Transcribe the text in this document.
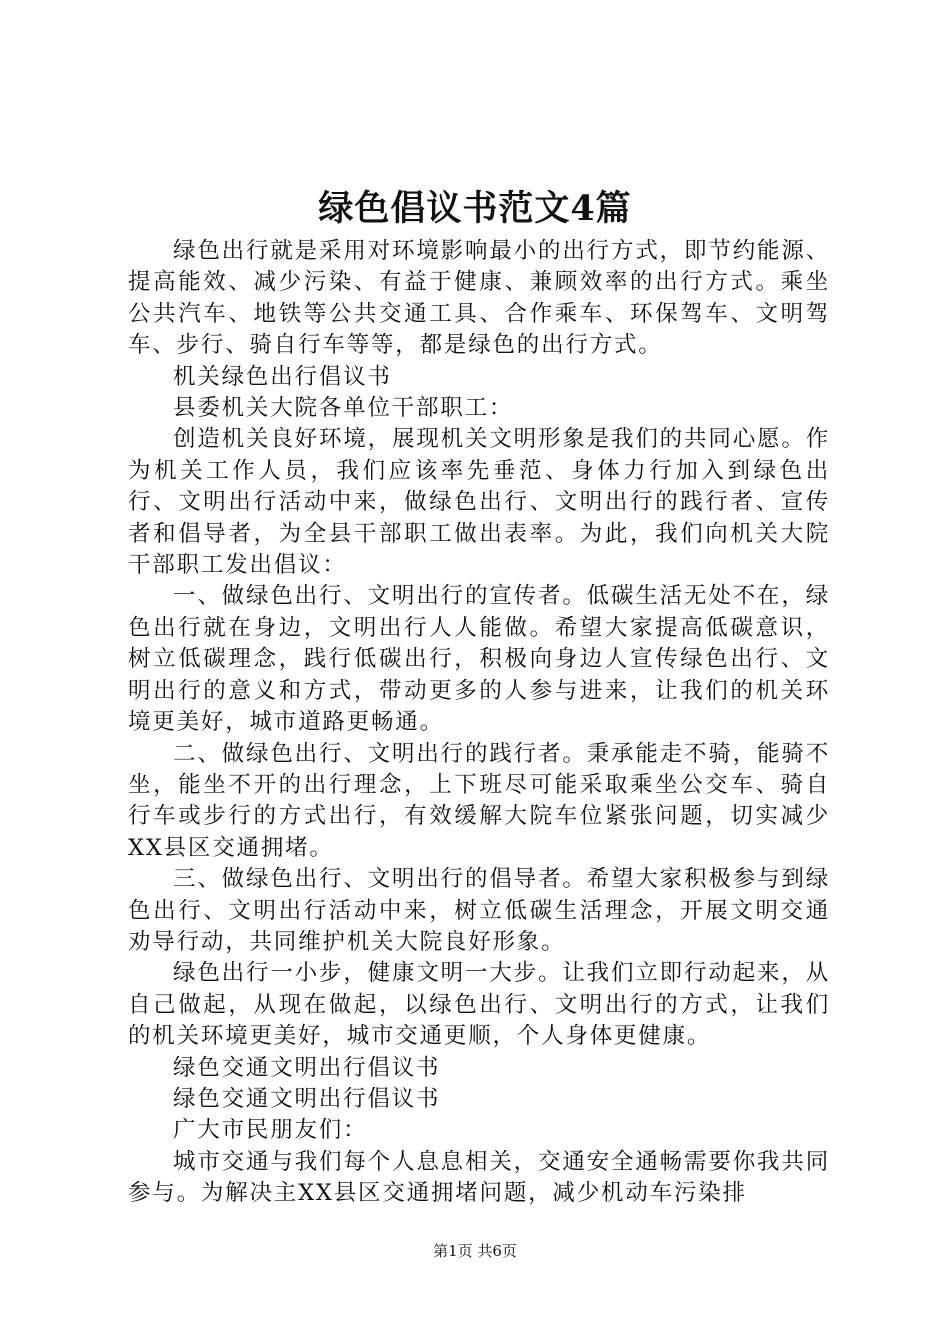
绿色倡议书范文4篇

绿色出行就是采用对环境影响最小的出行方式，即节约能源、提高能效、减少污染、有益于健康、兼顾效率的出行方式。乘坐公共汽车、地铁等公共交通工具、合作乘车、环保驾车、文明驾车、步行、骑自行车等等，都是绿色的出行方式。

机关绿色出行倡议书

县委机关大院各单位干部职工：

创造机关良好环境，展现机关文明形象是我们的共同心愿。作为机关工作人员，我们应该率先垂范、身体力行加入到绿色出行、文明出行活动中来，做绿色出行、文明出行的践行者、宣传者和倡导者，为全县干部职工做出表率。为此，我们向机关大院干部职工发出倡议：

一、做绿色出行、文明出行的宣传者。低碳生活无处不在，绿色出行就在身边，文明出行人人能做。希望大家提高低碳意识，树立低碳理念，践行低碳出行，积极向身边人宣传绿色出行、文明出行的意义和方式，带动更多的人参与进来，让我们的机关环境更美好，城市道路更畅通。

二、做绿色出行、文明出行的践行者。秉承能走不骑，能骑不坐，能坐不开的出行理念，上下班尽可能采取乘坐公交车、骑自行车或步行的方式出行，有效缓解大院车位紧张问题，切实减少XX县区交通拥堵。

三、做绿色出行、文明出行的倡导者。希望大家积极参与到绿色出行、文明出行活动中来，树立低碳生活理念，开展文明交通劝导行动，共同维护机关大院良好形象。

绿色出行一小步，健康文明一大步。让我们立即行动起来，从自己做起，从现在做起，以绿色出行、文明出行的方式，让我们的机关环境更美好，城市交通更顺，个人身体更健康。

绿色交通文明出行倡议书

绿色交通文明出行倡议书

广大市民朋友们：

城市交通与我们每个人息息相关，交通安全通畅需要你我共同参与。为解决主XX县区交通拥堵问题，减少机动车污染排

第1页 共6页
